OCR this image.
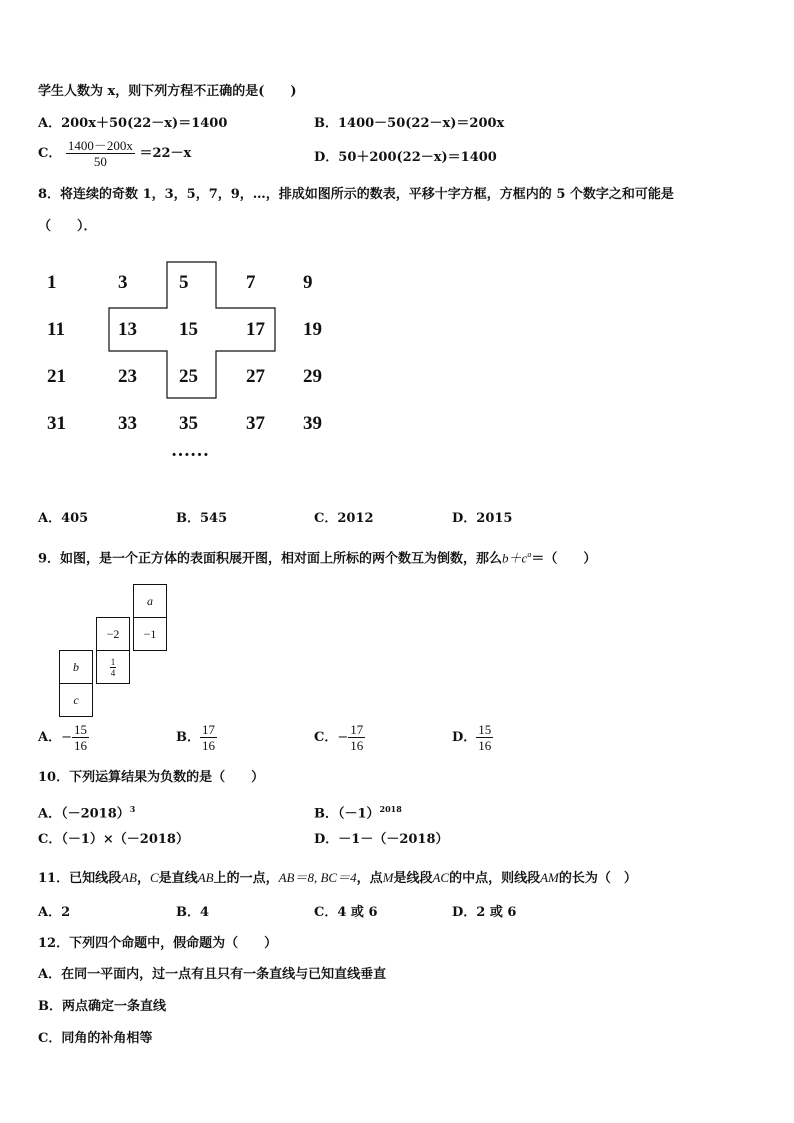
学生人数为 x，则下列方程不正确的是(　　)
A．200x＋50(22－x)＝1400	B．1400－50(22－x)＝200x
C． $\frac{1400-200x}{50} =22-x$	D．50＋200(22－x)＝1400
8．将连续的奇数 1，3，5，7，9，…，排成如图所示的数表，平移十字方框，方框内的 5 个数字之和可能是
（　　）．
1	3	5	7	9
11	13 15	17 19
21	23 25	27 29
31	33 35	37 39
……
A．405	B．545	C．2012	D．2015
9．如图，是一个正方体的表面积展开图，相对面上所标的两个数互为倒数，那么$b+c^a=$（　　）
a
−2	−1
b	$\frac{1}{4}$
c
A．− $\frac{15}{16}$	B． $\frac{17}{16}$	C．− $\frac{17}{16}$	D． $\frac{15}{16}$
10．下列运算结果为负数的是（　　）
A．$(-2018)^3$	B．$(-1)^{2018}$
C．（－1）×（－2018）	D．－1－（－2018）
11．已知线段AB，C是直线AB上的一点，AB＝8, BC＝4，点M是线段AC的中点，则线段AM的长为（　）
A．2	B．4	C．4 或 6	D．2 或 6
12．下列四个命题中，假命题为（　　）
A．在同一平面内，过一点有且只有一条直线与已知直线垂直
B．两点确定一条直线
C．同角的补角相等
